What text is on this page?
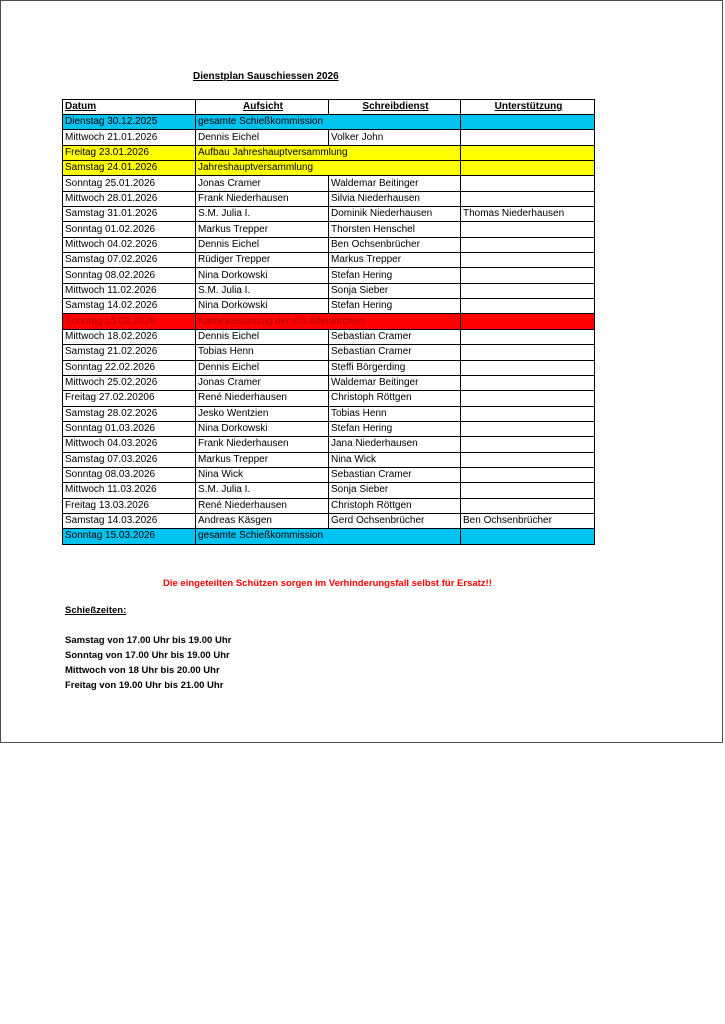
Dienstplan Sauschiessen 2026
Datum	Aufsicht	Schreibdienst	Unterstützung
Dienstag 30.12.2025	gesamte Schießkommission		
Mittwoch 21.01.2026	Dennis Eichel	Volker John	
Freitag 23.01.2026	Aufbau Jahreshauptversammlung		
Samstag 24.01.2026	Jahreshauptversammlung		
Sonntag 25.01.2026	Jonas Cramer	Waldemar Beitinger	
Mittwoch 28.01.2026	Frank Niederhausen	Silvia Niederhausen	
Samstag 31.01.2026	S.M. Julia I.	Dominik Niederhausen	Thomas Niederhausen
Sonntag 01.02.2026	Markus Trepper	Thorsten Henschel	
Mittwoch 04.02.2026	Dennis Eichel	Ben Ochsenbrücher	
Samstag 07.02.2026	Rüdiger Trepper	Markus Trepper	
Sonntag 08.02.2026	Nina Dorkowski	Stefan Hering	
Mittwoch 11.02.2026	S.M. Julia I.	Sonja Sieber	
Samstag 14.02.2026	Nina Dorkowski	Stefan Hering	
Sonntag 15.02.2026	Karnevalsumzug der KG Altenkirchen		
Mittwoch 18.02.2026	Dennis Eichel	Sebastian Cramer	
Samstag 21.02.2026	Tobias Henn	Sebastian Cramer	
Sonntag 22.02.2026	Dennis Eichel	Steffi Börgerding	
Mittwoch 25.02.2026	Jonas Cramer	Waldemar Beitinger	
Freitag 27.02.20206	René Niederhausen	Christoph Röttgen	
Samstag 28.02.2026	Jesko Wentzien	Tobias Henn	
Sonntag 01.03.2026	Nina Dorkowski	Stefan Hering	
Mittwoch 04.03.2026	Frank Niederhausen	Jana Niederhausen	
Samstag 07.03.2026	Markus Trepper	Nina Wick	
Sonntag 08.03.2026	Nina Wick	Sebastian Cramer	
Mittwoch 11.03.2026	S.M. Julia I.	Sonja Sieber	
Freitag 13.03.2026	René Niederhausen	Christoph Röttgen	
Samstag 14.03.2026	Andreas Käsgen	Gerd Ochsenbrücher	Ben Ochsenbrücher
Sonntag 15.03.2026	gesamte Schießkommission		
Die eingeteilten Schützen sorgen im Verhinderungsfall selbst für Ersatz!!
Schießzeiten:
Samstag von 17.00 Uhr bis 19.00 Uhr
Sonntag von 17.00 Uhr bis 19.00 Uhr
Mittwoch von 18 Uhr bis 20.00 Uhr
Freitag von 19.00 Uhr bis 21.00 Uhr
